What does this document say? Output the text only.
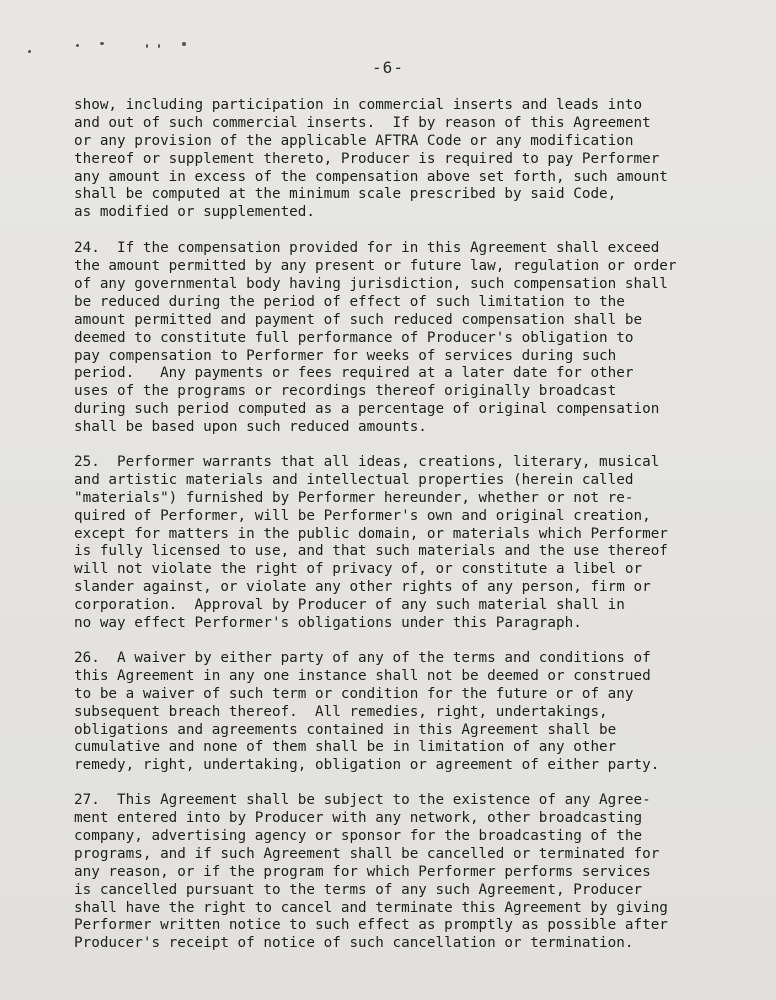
-6-
show, including participation in commercial inserts and leads into
and out of such commercial inserts.  If by reason of this Agreement
or any provision of the applicable AFTRA Code or any modification
thereof or supplement thereto, Producer is required to pay Performer
any amount in excess of the compensation above set forth, such amount
shall be computed at the minimum scale prescribed by said Code,
as modified or supplemented.
24.  If the compensation provided for in this Agreement shall exceed
the amount permitted by any present or future law, regulation or order
of any governmental body having jurisdiction, such compensation shall
be reduced during the period of effect of such limitation to the
amount permitted and payment of such reduced compensation shall be
deemed to constitute full performance of Producer's obligation to
pay compensation to Performer for weeks of services during such
period.   Any payments or fees required at a later date for other
uses of the programs or recordings thereof originally broadcast
during such period computed as a percentage of original compensation
shall be based upon such reduced amounts.
25.  Performer warrants that all ideas, creations, literary, musical
and artistic materials and intellectual properties (herein called
"materials") furnished by Performer hereunder, whether or not re-
quired of Performer, will be Performer's own and original creation,
except for matters in the public domain, or materials which Performer
is fully licensed to use, and that such materials and the use thereof
will not violate the right of privacy of, or constitute a libel or
slander against, or violate any other rights of any person, firm or
corporation.  Approval by Producer of any such material shall in
no way effect Performer's obligations under this Paragraph.
26.  A waiver by either party of any of the terms and conditions of
this Agreement in any one instance shall not be deemed or construed
to be a waiver of such term or condition for the future or of any
subsequent breach thereof.  All remedies, right, undertakings,
obligations and agreements contained in this Agreement shall be
cumulative and none of them shall be in limitation of any other
remedy, right, undertaking, obligation or agreement of either party.
27.  This Agreement shall be subject to the existence of any Agree-
ment entered into by Producer with any network, other broadcasting
company, advertising agency or sponsor for the broadcasting of the
programs, and if such Agreement shall be cancelled or terminated for
any reason, or if the program for which Performer performs services
is cancelled pursuant to the terms of any such Agreement, Producer
shall have the right to cancel and terminate this Agreement by giving
Performer written notice to such effect as promptly as possible after
Producer's receipt of notice of such cancellation or termination.
